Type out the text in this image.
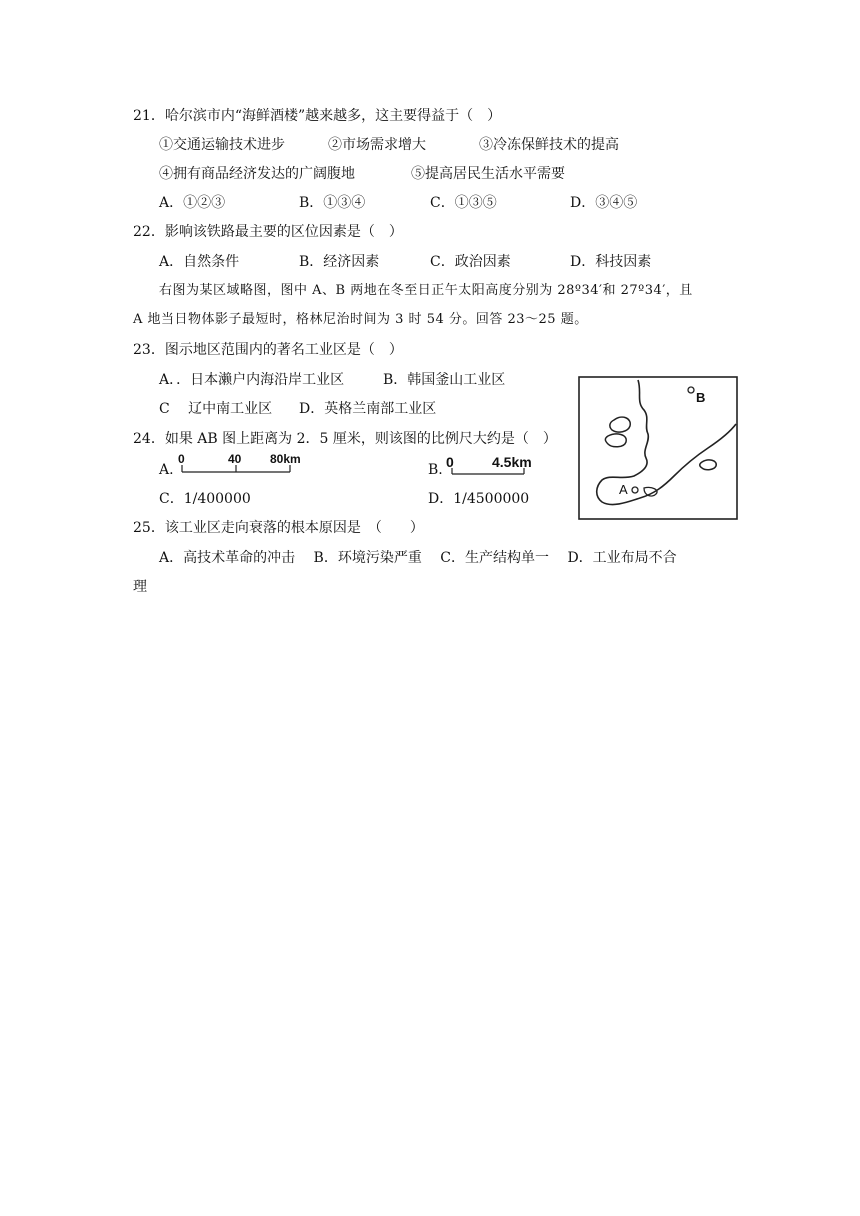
21．哈尔滨市内“海鲜酒楼”越来越多，这主要得益于（　）
①交通运输技术进步	②市场需求增大	③冷冻保鲜技术的提高
④拥有商品经济发达的广阔腹地	⑤提高居民生活水平需要
A．①②③	B．①③④	C．①③⑤	D．③④⑤
22．影响该铁路最主要的区位因素是（　）
A．自然条件	B．经济因素	C．政治因素	D．科技因素
右图为某区域略图，图中 A、B 两地在冬至日正午太阳高度分别为 28º34′和 27º34′，且
A 地当日物体影子最短时，格林尼治时间为 3 时 54 分。回答 23～25 题。
23．图示地区范围内的著名工业区是（　）
A．．日本濑户内海沿岸工业区	B．韩国釜山工业区
C　 辽中南工业区 D．英格兰南部工业区
24．如果 AB 图上距离为 2．5 厘米，则该图的比例尺大约是（　）
A.
0	40 80km
B. 0	4.5km
C．1/400000	D．1/4500000
25．该工业区走向衰落的根本原因是　（　　）
A．高技术革命的冲击　 B．环境污染严重　 C．生产结构单一　 D．工业布局不合
理
A
B
